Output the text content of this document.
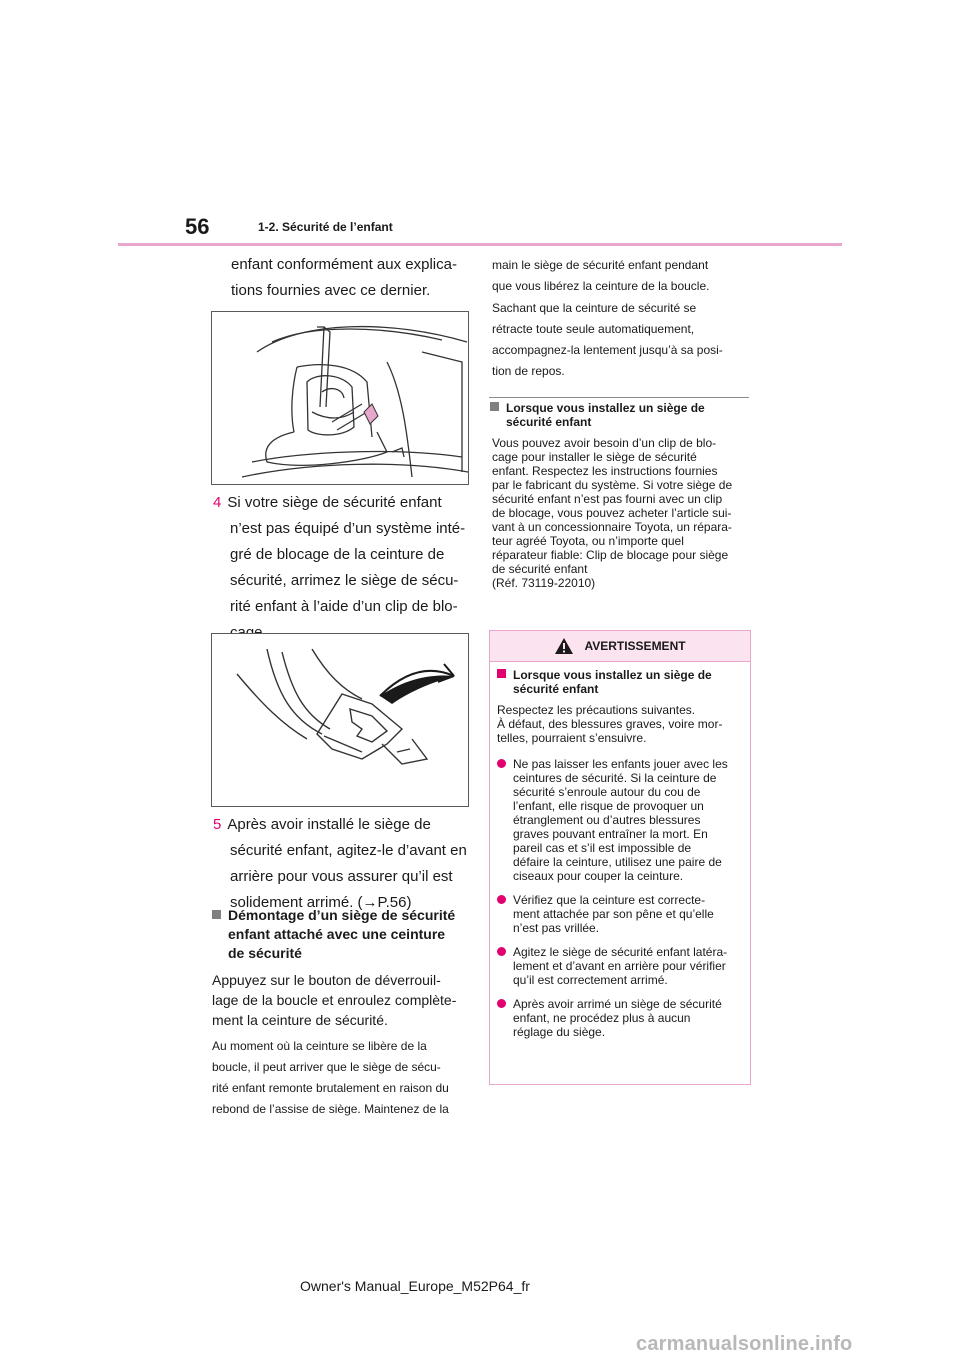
56	1-2. Sécurité de l’enfant
enfant conformément aux explica-
tions fournies avec ce dernier.
4 Si votre siège de sécurité enfant
n’est pas équipé d’un système inté-
gré de blocage de la ceinture de
sécurité, arrimez le siège de sécu-
rité enfant à l’aide d’un clip de blo-
5 Après avoir installé le siège de
sécurité enfant, agitez-le d’avant en
arrière pour vous assurer qu’il est
solidement arrimé. (→P.56)
Démontage d’un siège de sécurité
enfant attaché avec une ceinture
de sécurité
Appuyez sur le bouton de déverrouil-
lage de la boucle et enroulez complète-
ment la ceinture de sécurité.
Au moment où la ceinture se libère de la
boucle, il peut arriver que le siège de sécu-
rité enfant remonte brutalement en raison du
rebond de l’assise de siège. Maintenez de la
main le siège de sécurité enfant pendant
que vous libérez la ceinture de la boucle.
Sachant que la ceinture de sécurité se
rétracte toute seule automatiquement,
accompagnez-la lentement jusqu’à sa posi-
tion de repos.
Lorsque vous installez un siège de
sécurité enfant
Vous pouvez avoir besoin d’un clip de blo-
cage pour installer le siège de sécurité
enfant. Respectez les instructions fournies
par le fabricant du système. Si votre siège de
sécurité enfant n’est pas fourni avec un clip
de blocage, vous pouvez acheter l’article sui-
vant à un concessionnaire Toyota, un répara-
teur agréé Toyota, ou n’importe quel
réparateur fiable: Clip de blocage pour siège
de sécurité enfant
(Réf. 73119-22010)
AVERTISSEMENT
Lorsque vous installez un siège de
sécurité enfant
Respectez les précautions suivantes.
À défaut, des blessures graves, voire mor-
telles, pourraient s’ensuivre.
Ne pas laisser les enfants jouer avec les
ceintures de sécurité. Si la ceinture de
sécurité s’enroule autour du cou de
l’enfant, elle risque de provoquer un
étranglement ou d’autres blessures
graves pouvant entraîner la mort. En
pareil cas et s’il est impossible de
défaire la ceinture, utilisez une paire de
ciseaux pour couper la ceinture.
Vérifiez que la ceinture est correcte-
ment attachée par son pêne et qu’elle
n’est pas vrillée.
Agitez le siège de sécurité enfant latéra-
lement et d’avant en arrière pour vérifier
qu’il est correctement arrimé.
Après avoir arrimé un siège de sécurité
enfant, ne procédez plus à aucun
réglage du siège.
Owner's Manual_Europe_M52P64_fr
carmanualsonline.info
